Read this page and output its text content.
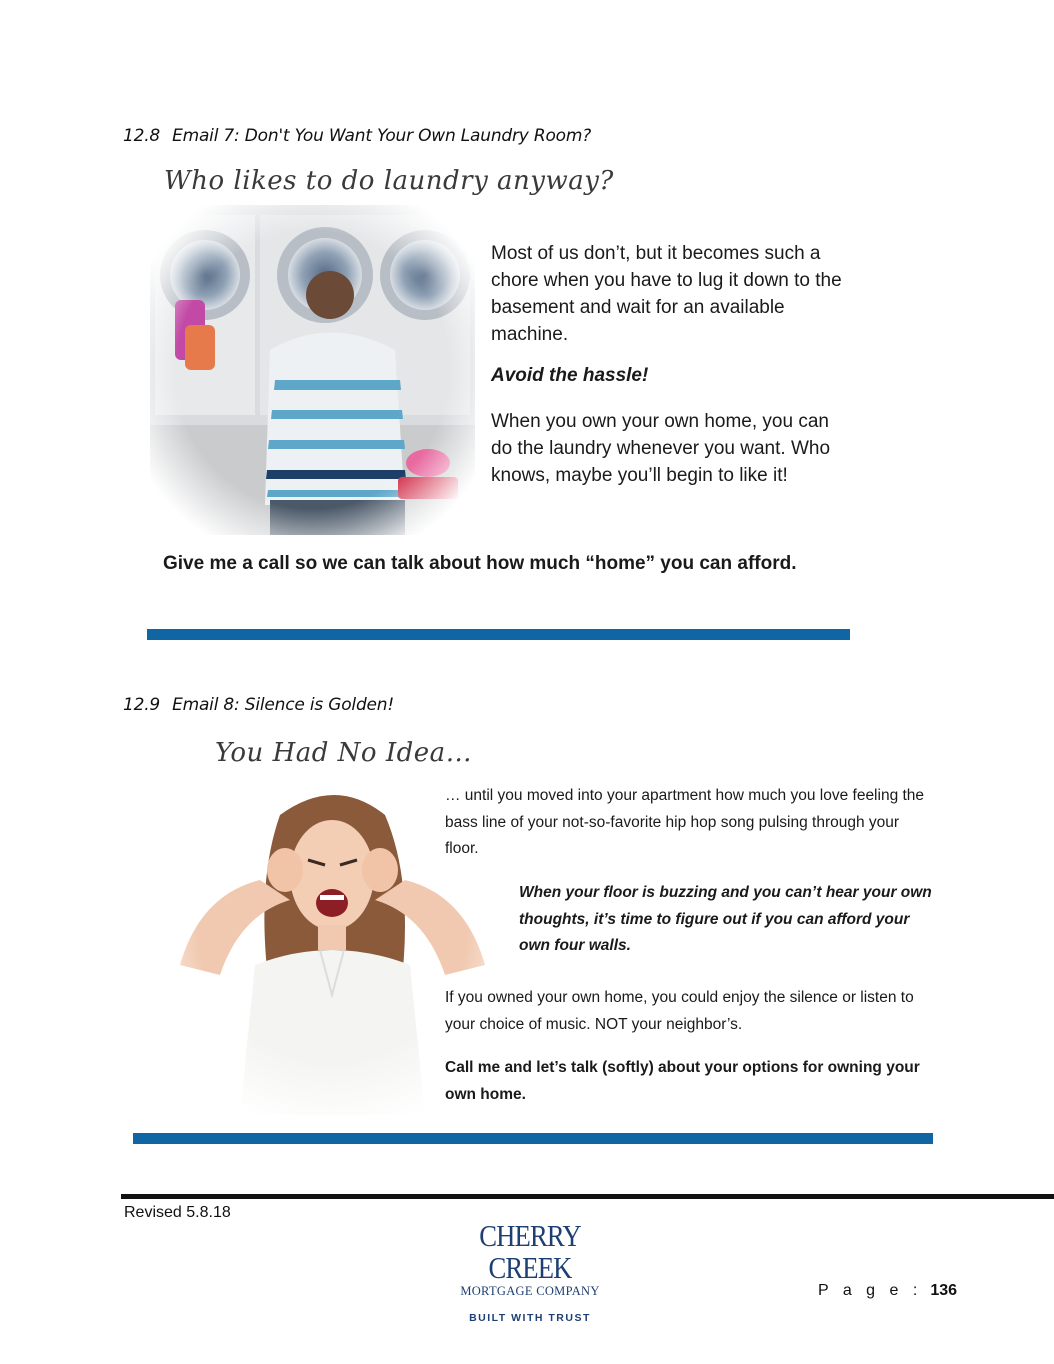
12.8 Email 7: Don't You Want Your Own Laundry Room?
Who likes to do laundry anyway?
Most of us don’t, but it becomes such a chore when you have to lug it down to the basement and wait for an available machine.
Avoid the hassle!
When you own your own home, you can do the laundry whenever you want. Who knows, maybe you’ll begin to like it!
Give me a call so we can talk about how much “home” you can afford.
12.9 Email 8: Silence is Golden!
You Had No Idea…
… until you moved into your apartment how much you love feeling the bass line of your not-so-favorite hip hop song pulsing through your floor.
When your floor is buzzing and you can’t hear your own thoughts, it’s time to figure out if you can afford your own four walls.
If you owned your own home, you could enjoy the silence or listen to your choice of music. NOT your neighbor’s.
Call me and let’s talk (softly) about your options for owning your own home.
Revised 5.8.18
CHERRY CREEK
MORTGAGE COMPANY
BUILT WITH TRUST
P a g e : 136
